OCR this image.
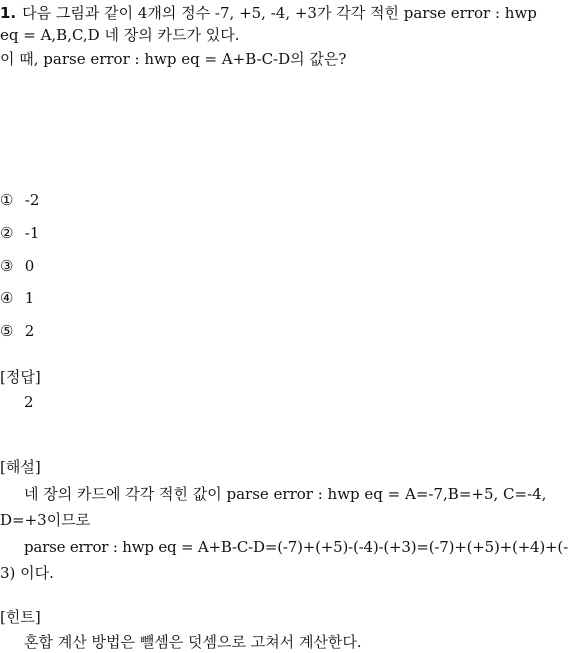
1. 다음 그림과 같이 4개의 정수 -7, +5, -4, +3가 각각 적힌 parse error : hwp
eq = A,B,C,D 네 장의 카드가 있다.
이 때, parse error : hwp eq = A+B-C-D의 값은?
① -2
② -1
③ 0
④ 1
⑤ 2
[정답]
2
[해설]
네 장의 카드에 각각 적힌 값이 parse error : hwp eq = A=-7,B=+5, C=-4,
D=+3이므로
parse error : hwp eq = A+B-C-D=(-7)+(+5)-(-4)-(+3)=(-7)+(+5)+(+4)+(-
3) 이다.
[힌트]
혼합 계산 방법은 뺄셈은 덧셈으로 고쳐서 계산한다.
